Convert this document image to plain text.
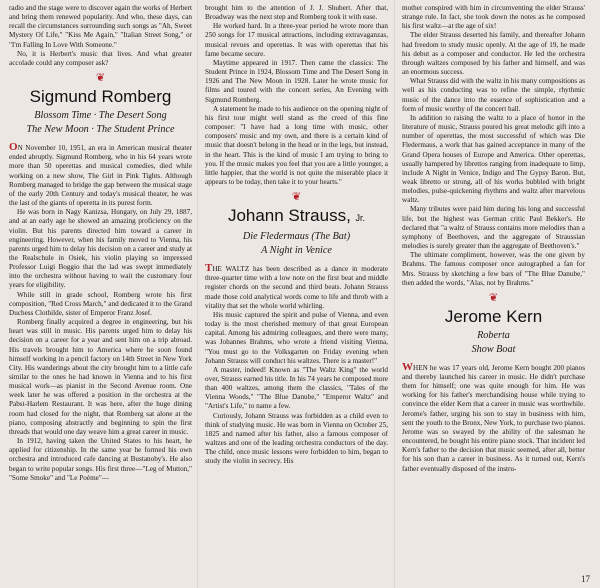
radio and the stage were to discover again the works of Herbert and bring them renewed popularity. And who, these days, can recall the circumstances surrounding such songs as "Ah, Sweet Mystery Of Life," "Kiss Me Again," "Italian Street Song," or "I'm Falling In Love With Someone."

No, it is Herbert's music that lives. And what greater accolade could any composer ask?

❦
Sigmund Romberg
Blossom Time · The Desert Song
The New Moon · The Student Prince

ON November 10, 1951, an era in American musical theater ended abruptly. Sigmund Romberg, who in his 64 years wrote more than 50 operettas and musical comedies, died while working on a new show, The Girl in Pink Tights. Although Romberg managed to bridge the gap between the musical stage of the early 20th Century and today's musical theater, he was the last of the giants of operetta in its purest form.

He was born in Nagy Kanizsa, Hungary, on July 29, 1887, and at an early age he showed an amazing proficiency on the violin. But his parents directed him toward a career in engineering. However, when his family moved to Vienna, his parents urged him to delay his decision on a career and study at the Realschule in Osiek, his violin playing so impressed Professor Luigi Boggio that the lad was swept immediately into the orchestra without having to wait the customary four years for eligibility.

While still in grade school, Romberg wrote his first composition, "Red Cross March," and dedicated it to the Grand Duchess Clothilde, sister of Emperor Franz Josef.

Romberg finally acquired a degree in engineering, but his heart was still in music. His parents urged him to delay his decision on a career for a year and sent him on a trip abroad. His travels brought him to America where he soon found himself working in a pencil factory on 14th Street in New York City. His wanderings about the city brought him to a little cafe similar to the ones he had known in Vienna and to his first musical work—as pianist in the Second Avenue room. One week later he was offered a position in the orchestra at the Pabst-Harlem Restaurant. It was here, after the huge dining room had closed for the night, that Romberg sat alone at the piano, composing abstractly and beginning to spin the first threads that would one day weave him a great career in music.

In 1912, having taken the United States to his heart, he applied for citizenship. In the same year he formed his own orchestra and introduced cafe dancing at Bustanoby's. He also began to write popular songs. His first three—"Leg of Mutton," "Some Smoke" and "Le Poème"—

brought him to the attention of J. J. Shubert. After that, Broadway was the next step and Romberg took it with ease.

He worked hard. In a three-year period he wrote more than 250 songs for 17 musical attractions, including extravaganzas, musical revues and operettas. It was with operettas that his fame became secure.

Maytime appeared in 1917. Then came the classics: The Student Prince in 1924, Blossom Time and The Desert Song in 1926 and The New Moon in 1928. Later he wrote music for films and toured with the concert series, An Evening with Sigmund Romberg.

A statement he made to his audience on the opening night of his first tour might well stand as the creed of this fine composer: "I have had a long time with music, other composers' music and my own, and there is a certain kind of music that doesn't belong in the head or in the legs, but instead, in the heart. This is the kind of music I am trying to bring to you. If the music makes you feel that you are a little younger, a little happier, that the world is not quite the miserable place it appears to be today, then take it to your hearts."

❦
Johann Strauss, Jr.
Die Fledermaus (The Bat)
A Night in Venice

THE WALTZ has been described as a dance in moderate three-quarter time with a low note on the first beat and middle register chords on the second and third beats. Johann Strauss made those cold analytical words come to life and throb with a vitality that set the whole world whirling.

His music captured the spirit and pulse of Vienna, and even today is the most cherished memory of that great European capital. Among his admiring colleagues, and there were many, was Johannes Brahms, who wrote a friend visiting Vienna, "You must go to the Volksgarten on Friday evening when Johann Strauss will conduct his waltzes. There is a master!"

A master, indeed! Known as "The Waltz King" the world over, Strauss earned his title. In his 74 years he composed more than 400 waltzes, among them the classics, "Tales of the Vienna Woods," "The Blue Danube," "Emperor Waltz" and "Artist's Life," to name a few.

Curiously, Johann Strauss was forbidden as a child even to think of studying music. He was born in Vienna on October 25, 1825 and named after his father, also a famous composer of waltzes and one of the leading orchestra conductors of the day. The child, once music lessons were forbidden to him, began to study the violin in secrecy. His

mother conspired with him in circumventing the elder Strauss' strange rule. In fact, she took down the notes as he composed his first waltz—at the age of six!

The elder Strauss deserted his family, and thereafter Johann had freedom to study music openly. At the age of 19, he made his debut as a composer and conductor. He led the orchestra through waltzes composed by his father and himself, and was an enormous success.

What Strauss did with the waltz in his many compositions as well as his conducting was to refine the simple, rhythmic music of the dance into the essence of sophistication and a form of music worthy of the concert hall.

In addition to raising the waltz to a place of honor in the literature of music, Strauss poured his great melodic gift into a number of operettas, the most successful of which was Die Fledermaus, a work that has gained acceptance in many of the Grand Opera houses of Europe and America. Other operettas, usually hampered by librettos ranging from inadequate to limp, include A Night in Venice, Indigo and The Gypsy Baron. But, weak libretto or strong, all of his works bubbled with bright melodies, pulse-quickening rhythms and waltz after marvelous waltz.

Many tributes were paid him during his long and successful life, but the highest was German critic Paul Bekker's. He declared that "a waltz of Strauss contains more melodies than a symphony of Beethoven, and the aggregate of Straussian melodies is surely greater than the aggregate of Beethoven's."

The ultimate compliment, however, was the one given by Brahms. The famous composer once autographed a fan for Mrs. Strauss by sketching a few bars of "The Blue Danube," then added the words, "Alas, not by Brahms."

❦
Jerome Kern
Roberta
Show Boat

WHEN he was 17 years old, Jerome Kern bought 200 pianos and thereby launched his career in music. He didn't purchase them for himself; one was quite enough for him. He was working for his father's merchandising house while trying to convince the elder Kern that a career in music was worthwhile. Jerome's father, urging his son to stay in business with him, sent the youth to the Bronx, New York, to purchase two pianos. Jerome was so swayed by the ability of the salesman he encountered, he bought his entire piano stock. That incident led Kern's father to the decision that music seemed, after all, better for his son than a career in business. As it turned out, Kern's father eventually disposed of the instru-

17
